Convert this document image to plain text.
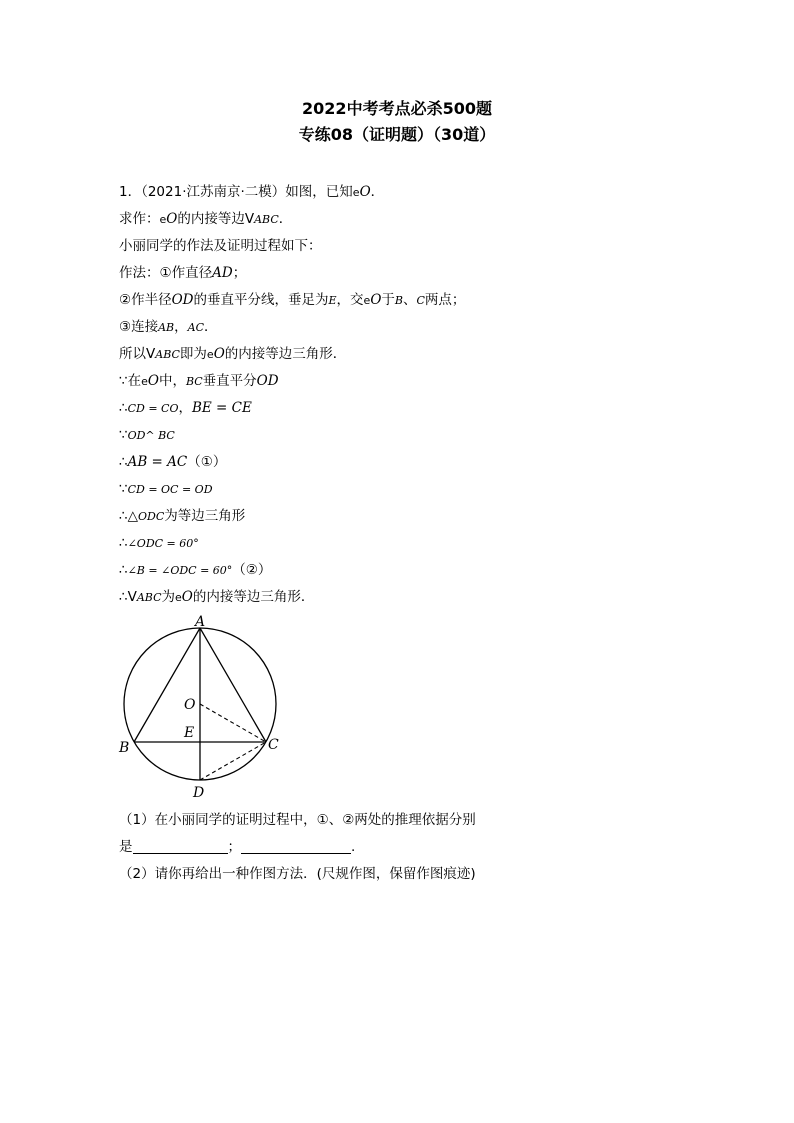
2022中考考点必杀500题
专练08（证明题）（30道）
1．（2021·江苏南京·二模）如图，已知eO．
求作：eO的内接等边VABC．
小丽同学的作法及证明过程如下：
作法：①作直径AD；
②作半径OD的垂直平分线，垂足为E，交eO于B、C两点；
③连接AB，AC．
所以VABC即为eO的内接等边三角形．
∵在eO中，BC垂直平分OD
∴CD = CO，BE = CE
∵OD^ BC
∴AB = AC（①）
∵CD = OC = OD
∴△ODC为等边三角形
∴∠ODC = 60°
∴∠B = ∠ODC = 60°（②）
∴VABC为eO的内接等边三角形．
A
O
E
B	C
D
（1）在小丽同学的证明过程中，①、②两处的推理依据分别
是	；	.
（2）请你再给出一种作图方法．(尺规作图，保留作图痕迹)
